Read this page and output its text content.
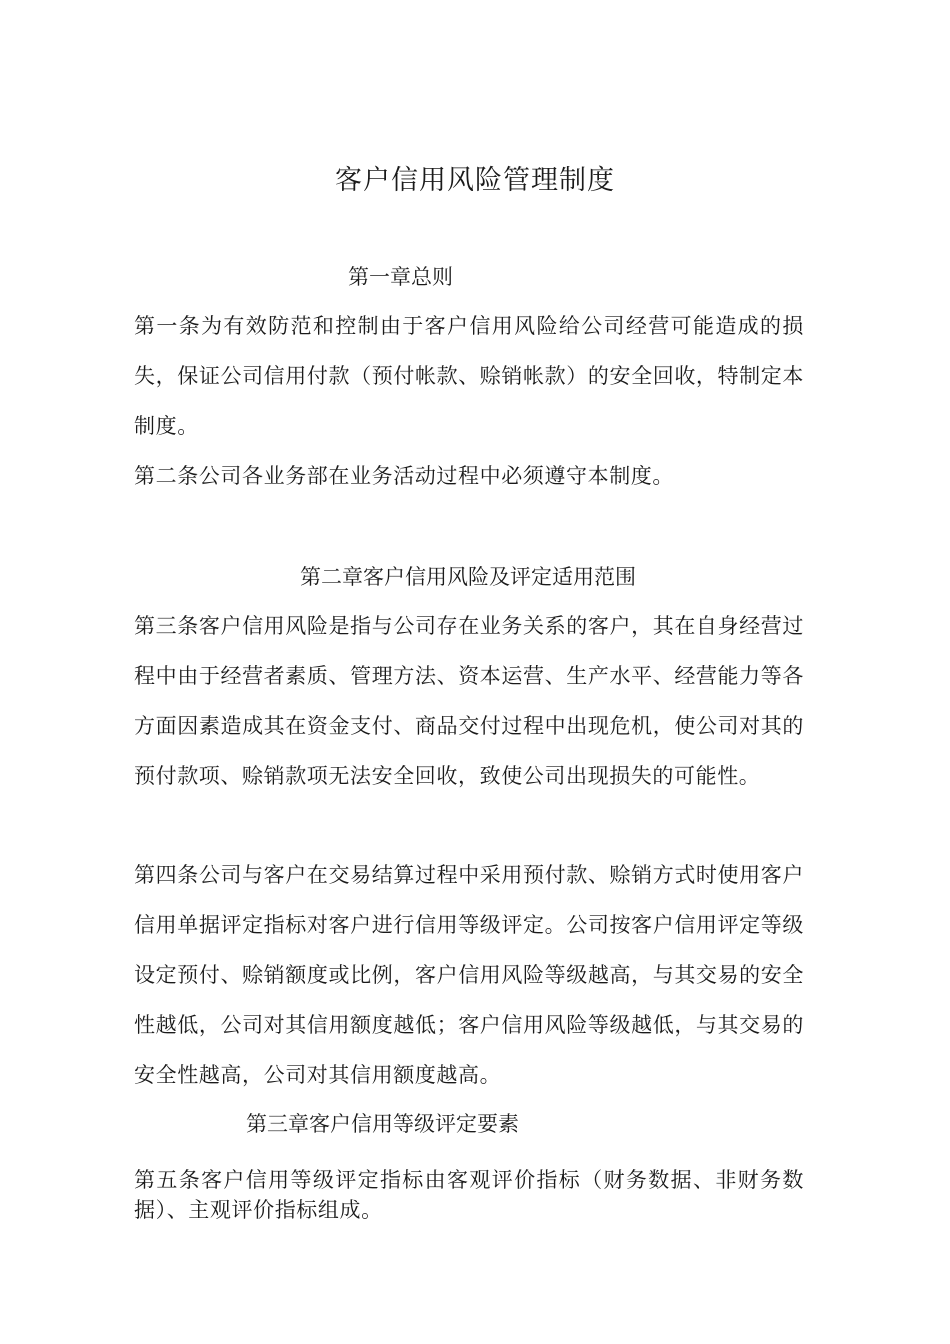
客户信用风险管理制度
第一章总则

第一条为有效防范和控制由于客户信用风险给公司经营可能造成的损失，保证公司信用付款（预付帐款、赊销帐款）的安全回收，特制定本制度。

第二条公司各业务部在业务活动过程中必须遵守本制度。

第二章客户信用风险及评定适用范围

第三条客户信用风险是指与公司存在业务关系的客户，其在自身经营过程中由于经营者素质、管理方法、资本运营、生产水平、经营能力等各方面因素造成其在资金支付、商品交付过程中出现危机，使公司对其的预付款项、赊销款项无法安全回收，致使公司出现损失的可能性。

第四条公司与客户在交易结算过程中采用预付款、赊销方式时使用客户信用单据评定指标对客户进行信用等级评定。公司按客户信用评定等级设定预付、赊销额度或比例，客户信用风险等级越高，与其交易的安全性越低，公司对其信用额度越低；客户信用风险等级越低，与其交易的安全性越高，公司对其信用额度越高。

第三章客户信用等级评定要素

第五条客户信用等级评定指标由客观评价指标（财务数据、非财务数据）、主观评价指标组成。
